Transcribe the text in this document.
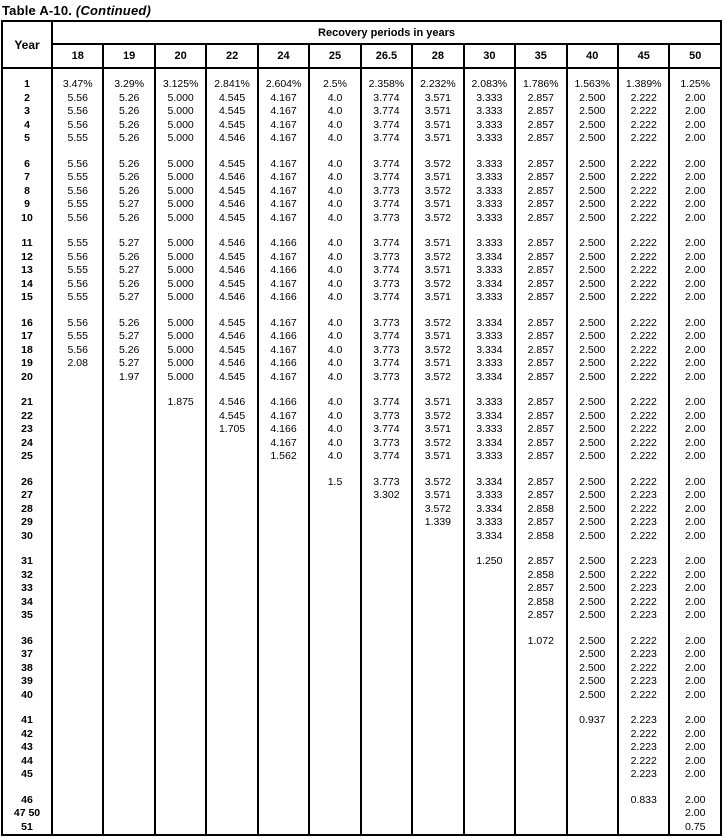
Table A-10. (Continued)
Year	Recovery periods in years												
	18	19	20	22	24	25	26.5	28	30	35	40	45	50

1	3.47%	3.29%	3.125%	2.841%	2.604%	2.5%	2.358%	2.232%	2.083%	1.786%	1.563%	1.389%	1.25%
2	5.56	5.26	5.000	4.545	4.167	4.0	3.774	3.571	3.333	2.857	2.500	2.222	2.00
3	5.56	5.26	5.000	4.545	4.167	4.0	3.774	3.571	3.333	2.857	2.500	2.222	2.00
4	5.56	5.26	5.000	4.545	4.167	4.0	3.774	3.571	3.333	2.857	2.500	2.222	2.00
5	5.55	5.26	5.000	4.546	4.167	4.0	3.774	3.571	3.333	2.857	2.500	2.222	2.00

6	5.56	5.26	5.000	4.545	4.167	4.0	3.774	3.572	3.333	2.857	2.500	2.222	2.00
7	5.55	5.26	5.000	4.546	4.167	4.0	3.774	3.571	3.333	2.857	2.500	2.222	2.00
8	5.56	5.26	5.000	4.545	4.167	4.0	3.773	3.572	3.333	2.857	2.500	2.222	2.00
9	5.55	5.27	5.000	4.546	4.167	4.0	3.774	3.571	3.333	2.857	2.500	2.222	2.00
10	5.56	5.26	5.000	4.545	4.167	4.0	3.773	3.572	3.333	2.857	2.500	2.222	2.00

11	5.55	5.27	5.000	4.546	4.166	4.0	3.774	3.571	3.333	2.857	2.500	2.222	2.00
12	5.56	5.26	5.000	4.545	4.167	4.0	3.773	3.572	3.334	2.857	2.500	2.222	2.00
13	5.55	5.27	5.000	4.546	4.166	4.0	3.774	3.571	3.333	2.857	2.500	2.222	2.00
14	5.56	5.26	5.000	4.545	4.167	4.0	3.773	3.572	3.334	2.857	2.500	2.222	2.00
15	5.55	5.27	5.000	4.546	4.166	4.0	3.774	3.571	3.333	2.857	2.500	2.222	2.00

16	5.56	5.26	5.000	4.545	4.167	4.0	3.773	3.572	3.334	2.857	2.500	2.222	2.00
17	5.55	5.27	5.000	4.546	4.166	4.0	3.774	3.571	3.333	2.857	2.500	2.222	2.00
18	5.56	5.26	5.000	4.545	4.167	4.0	3.773	3.572	3.334	2.857	2.500	2.222	2.00
19	2.08	5.27	5.000	4.546	4.166	4.0	3.774	3.571	3.333	2.857	2.500	2.222	2.00
20		1.97	5.000	4.545	4.167	4.0	3.773	3.572	3.334	2.857	2.500	2.222	2.00

21			1.875	4.546	4.166	4.0	3.774	3.571	3.333	2.857	2.500	2.222	2.00
22				4.545	4.167	4.0	3.773	3.572	3.334	2.857	2.500	2.222	2.00
23				1.705	4.166	4.0	3.774	3.571	3.333	2.857	2.500	2.222	2.00
24					4.167	4.0	3.773	3.572	3.334	2.857	2.500	2.222	2.00
25					1.562	4.0	3.774	3.571	3.333	2.857	2.500	2.222	2.00

26						1.5	3.773	3.572	3.334	2.857	2.500	2.222	2.00
27							3.302	3.571	3.333	2.857	2.500	2.223	2.00
28								3.572	3.334	2.858	2.500	2.222	2.00
29								1.339	3.333	2.857	2.500	2.223	2.00
30									3.334	2.858	2.500	2.222	2.00

31									1.250	2.857	2.500	2.223	2.00
32										2.858	2.500	2.222	2.00
33										2.857	2.500	2.223	2.00
34										2.858	2.500	2.222	2.00
35										2.857	2.500	2.223	2.00

36										1.072	2.500	2.222	2.00
37											2.500	2.223	2.00
38											2.500	2.222	2.00
39											2.500	2.223	2.00
40											2.500	2.222	2.00

41											0.937	2.223	2.00
42												2.222	2.00
43												2.223	2.00
44												2.222	2.00
45												2.223	2.00

46												0.833	2.00
47 50													2.00
51													0.75
